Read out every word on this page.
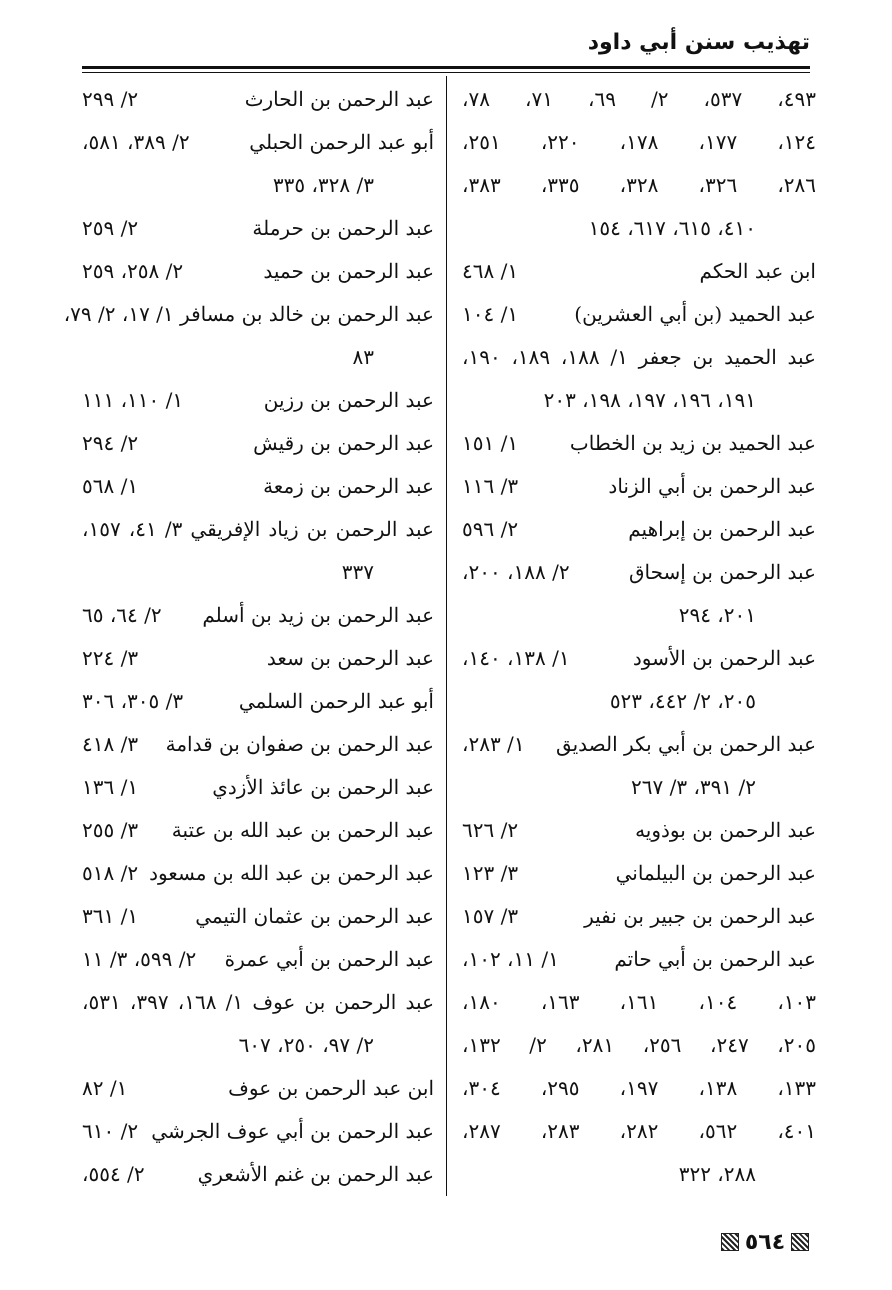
تهذيب سنن أبي داود
٤٩٣، ٥٣٧، ٢/ ٦٩، ٧١، ٧٨،
١٢٤، ١٧٧، ١٧٨، ٢٢٠، ٢٥١،
٢٨٦، ٣٢٦، ٣٢٨، ٣٣٥، ٣٨٣،
٤١٠، ٦١٥، ٦١٧، ١٥٤
ابن عبد الحكم
١/ ٤٦٨
عبد الحميد (بن أبي العشرين)
١/ ١٠٤
عبد الحميد بن جعفر ١/ ١٨٨، ١٨٩، ١٩٠،
١٩١، ١٩٦، ١٩٧، ١٩٨، ٢٠٣
عبد الحميد بن زيد بن الخطاب
١/ ١٥١
عبد الرحمن بن أبي الزناد
٣/ ١١٦
عبد الرحمن بن إبراهيم
٢/ ٥٩٦
عبد الرحمن بن إسحاق
٢/ ١٨٨، ٢٠٠،
٢٠١، ٢٩٤
عبد الرحمن بن الأسود
١/ ١٣٨، ١٤٠،
٢٠٥، ٢/ ٤٤٢، ٥٢٣
عبد الرحمن بن أبي بكر الصديق
١/ ٢٨٣،
٢/ ٣٩١، ٣/ ٢٦٧
عبد الرحمن بن بوذويه
٢/ ٦٢٦
عبد الرحمن بن البيلماني
٣/ ١٢٣
عبد الرحمن بن جبير بن نفير
٣/ ١٥٧
عبد الرحمن بن أبي حاتم
١/ ١١، ١٠٢،
١٠٣، ١٠٤، ١٦١، ١٦٣، ١٨٠،
٢٠٥، ٢٤٧، ٢٥٦، ٢٨١، ٢/ ١٣٢،
١٣٣، ١٣٨، ١٩٧، ٢٩٥، ٣٠٤،
٤٠١، ٥٦٢، ٢٨٢، ٢٨٣، ٢٨٧،
٢٨٨، ٣٢٢
عبد الرحمن بن الحارث
٢/ ٢٩٩
أبو عبد الرحمن الحبلي
٢/ ٣٨٩، ٥٨١،
٣/ ٣٢٨، ٣٣٥
عبد الرحمن بن حرملة
٢/ ٢٥٩
عبد الرحمن بن حميد
٢/ ٢٥٨، ٢٥٩
عبد الرحمن بن خالد بن مسافر ١/ ١٧، ٢/ ٧٩،
٨٣
عبد الرحمن بن رزين
١/ ١١٠، ١١١
عبد الرحمن بن رقيش
٢/ ٢٩٤
عبد الرحمن بن زمعة
١/ ٥٦٨
عبد الرحمن بن زياد الإفريقي ٣/ ٤١، ١٥٧،
٣٣٧
عبد الرحمن بن زيد بن أسلم
٢/ ٦٤، ٦٥
عبد الرحمن بن سعد
٣/ ٢٢٤
أبو عبد الرحمن السلمي
٣/ ٣٠٥، ٣٠٦
عبد الرحمن بن صفوان بن قدامة
٣/ ٤١٨
عبد الرحمن بن عائذ الأزدي
١/ ١٣٦
عبد الرحمن بن عبد الله بن عتبة
٣/ ٢٥٥
عبد الرحمن بن عبد الله بن مسعود
٢/ ٥١٨
عبد الرحمن بن عثمان التيمي
١/ ٣٦١
عبد الرحمن بن أبي عمرة
٢/ ٥٩٩، ٣/ ١١
عبد الرحمن بن عوف ١/ ١٦٨، ٣٩٧، ٥٣١،
٢/ ٩٧، ٢٥٠، ٦٠٧
ابن عبد الرحمن بن عوف
١/ ٨٢
عبد الرحمن بن أبي عوف الجرشي
٢/ ٦١٠
عبد الرحمن بن غنم الأشعري
٢/ ٥٥٤،
٥٦٤
